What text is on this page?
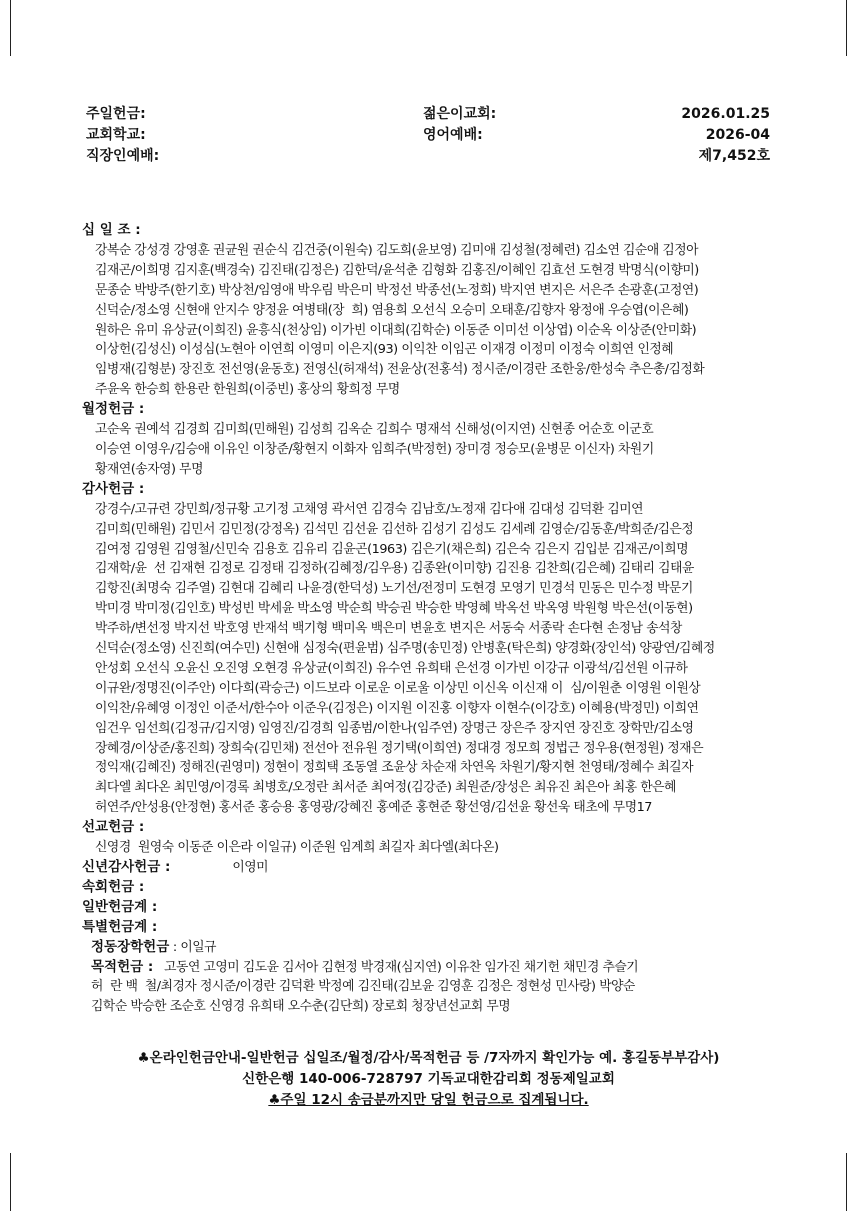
주일헌금:
교회학교:
직장인예배:
젊은이교회:
영어예배:
2026.01.25
2026-04
제7,452호
십 일 조 :
강복순 강성경 강영훈 권균원 권순식 김건중(이원숙) 김도희(윤보영) 김미애 김성철(정혜련) 김소연 김순애 김정아
김재곤/이희명 김지훈(백경숙) 김진태(김정은) 김한덕/윤석춘 김형화 김홍진/이혜인 김효선 도현경 박명식(이향미)
문종순 박방주(한기호) 박상천/임영애 박우림 박은미 박정선 박종선(노정희) 박지연 변지은 서은주 손광훈(고정연)
신덕순/정소영 신현애 안지수 양정윤 여병태(장  희) 염용희 오선식 오승미 오태훈/김향자 왕정애 우승엽(이은혜)
원하은 유미 유상균(이희진) 윤흥식(천상임) 이가빈 이대희(김학순) 이동준 이미선 이상엽) 이순옥 이상준(안미화)
이상헌(김성신) 이성심(노현아 이연희 이영미 이은지(93) 이익찬 이임곤 이재경 이정미 이정숙 이희연 인정혜
임병재(김형분) 장진호 전선영(윤동호) 전영신(허재석) 전윤상(전홍석) 정시준/이경란 조한웅/한성숙 추은총/김정화
주윤옥 한승희 한용란 한원희(이중빈) 홍상의 황희정 무명
월정헌금 :
고순옥 권예석 김경희 김미희(민해원) 김성희 김옥순 김희수 명재석 신해성(이지연) 신현종 어순호 이군호
이승연 이영우/김승애 이유인 이창준/황현지 이화자 임희주(박정헌) 장미경 정승모(윤병문 이신자) 차원기
황재연(송자영) 무명
감사헌금 :
강경수/고규련 강민희/정규황 고기정 고채영 곽서연 김경숙 김남호/노정재 김다애 김대성 김덕환 김미연
김미희(민해원) 김민서 김민정(강정옥) 김석민 김선윤 김선하 김성기 김성도 김세례 김영순/김동훈/박희준/김은정
김여정 김영원 김영철/신민숙 김용호 김유리 김윤곤(1963) 김은기(채은희) 김은숙 김은지 김입분 김재곤/이희명
김재학/윤  선 김재현 김정로 김정태 김정하(김혜정/김우용) 김종완(이미향) 김진용 김찬희(김은혜) 김태리 김태윤
김항진(최명숙 김주열) 김현대 김혜리 나윤경(한덕성) 노기선/전정미 도현경 모영기 민경석 민동은 민수정 박문기
박미경 박미정(김인호) 박성빈 박세윤 박소영 박순희 박승권 박승한 박영혜 박옥선 박옥영 박원형 박은선(이동현)
박주하/변선정 박지선 박호영 반재석 백기형 백미옥 백은미 변윤호 변지은 서동숙 서종락 손다현 손정남 송석창
신덕순(정소영) 신진희(여수민) 신현애 심정숙(편윤범) 심주명(송민정) 안병훈(탁은희) 양경화(장인석) 양광연/김혜정
안성회 오선식 오윤신 오진영 오현경 유상균(이희진) 유수연 유희태 은선경 이가빈 이강규 이광석/김선원 이규하
이규완/정명진(이주안) 이다희(곽승근) 이드보라 이로운 이로울 이상민 이신옥 이신재 이  심/이원춘 이영원 이원상
이익찬/유혜영 이정인 이준서/한수아 이준우(김정은) 이지원 이진홍 이향자 이현수(이강호) 이혜용(박정민) 이희연
임건우 임선희(김정규/김지영) 임영진/김경희 임종범/이한나(임주연) 장명근 장은주 장지연 장진호 장학만/김소영
장혜경/이상준/홍진희) 장희숙(김민채) 전선아 전유원 정기택(이희연) 정대경 정모희 정법근 정우용(현정원) 정재은
정익재(김혜진) 정해진(권영미) 정현이 정희택 조동열 조윤상 차순재 차연옥 차원기/황지현 천영태/정혜수 최길자
최다엘 최다온 최민영/이경록 최병호/오정란 최서준 최여정(김강준) 최원준/장성은 최유진 최은아 최홍 한은혜
허연주/안성용(안정현) 홍서준 홍승용 홍영광/강혜진 홍예준 홍현준 황선영/김선윤 황선욱 태초에 무명17
선교헌금 :
신영경  원영숙 이동준 이은라 이일규) 이준원 임계희 최길자 최다엘(최다온)
신년감사헌금 :	이영미
속회헌금 :
일반헌금계 :
특별헌금계 :
정동장학헌금 : 이일규
목적헌금 :   고동연 고영미 김도윤 김서아 김현정 박경재(심지연) 이유찬 임가진 채기헌 채민경 추슬기
허  란 백  철/최경자 정시준/이경란 김덕환 박정예 김진태(김보윤 김영훈 김정은 정현성 민사랑) 박양순
김학순 박승한 조순호 신영경 유희태 오수춘(김단희) 장로회 청장년선교회 무명
♣온라인헌금안내-일반헌금 십일조/월정/감사/목적헌금 등 /7자까지 확인가능 예. 홍길동부부감사)
신한은행 140-006-728797 기독교대한감리회 정동제일교회
♣주일 12시 송금분까지만 당일 헌금으로 집계됩니다.
